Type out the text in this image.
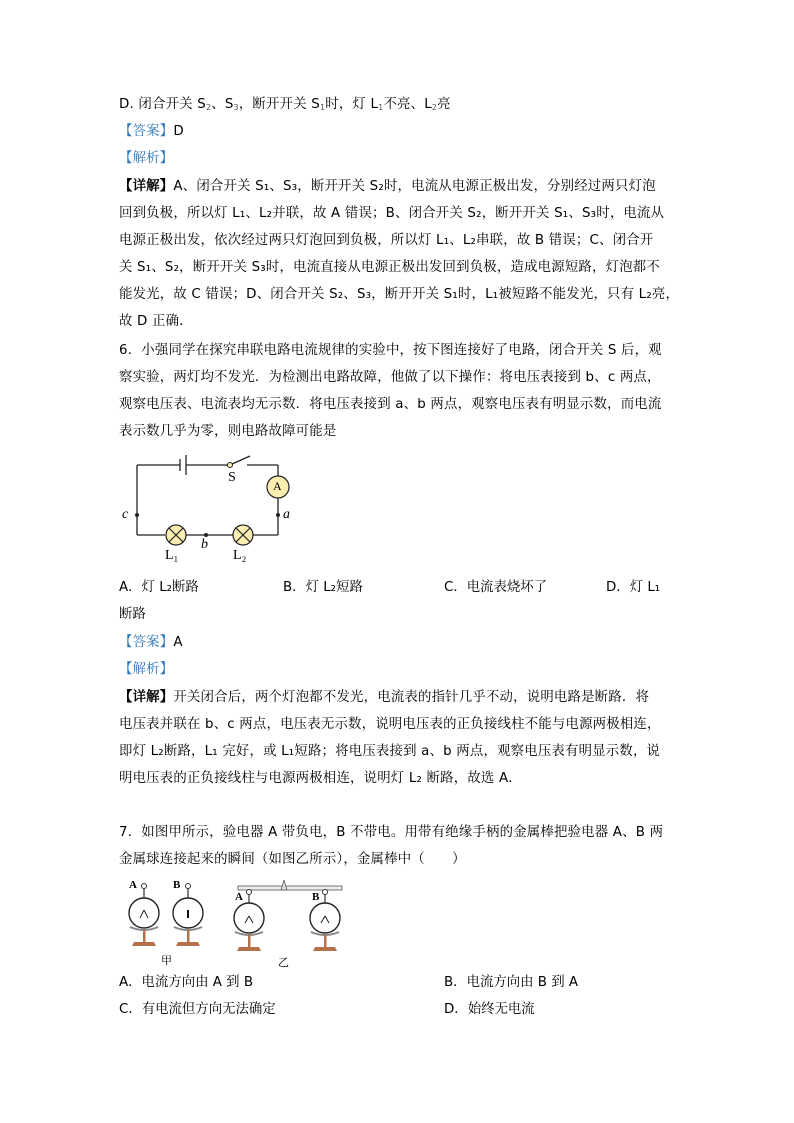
D. 闭合开关 $S_2$、$S_3$，断开开关 $S_1$时，灯 $L_1$不亮、$L_2$亮
【答案】D
【解析】
【详解】A、闭合开关 S₁、S₃，断开开关 S₂时，电流从电源正极出发，分别经过两只灯泡
回到负极，所以灯 L₁、L₂并联，故 A 错误；B、闭合开关 S₂，断开开关 S₁、S₃时，电流从
电源正极出发，依次经过两只灯泡回到负极，所以灯 L₁、L₂串联，故 B 错误；C、闭合开
关 S₁、S₂，断开开关 S₃时，电流直接从电源正极出发回到负极，造成电源短路，灯泡都不
能发光，故 C 错误；D、闭合开关 S₂、S₃，断开开关 S₁时，L₁被短路不能发光，只有 L₂亮，
故 D 正确．
6．小强同学在探究串联电路电流规律的实验中，按下图连接好了电路，闭合开关 S 后，观
察实验，两灯均不发光．为检测出电路故障，他做了以下操作：将电压表接到 b、c 两点，
观察电压表、电流表均无示数．将电压表接到 a、b 两点，观察电压表有明显示数，而电流
表示数几乎为零，则电路故障可能是
S
A
c	a
b
L₁	L₂
A．灯 L₂断路	B．灯 L₂短路	C．电流表烧坏了	D．灯 L₁
断路
【答案】A
【解析】
【详解】开关闭合后，两个灯泡都不发光，电流表的指针几乎不动，说明电路是断路．将
电压表并联在 b、c 两点，电压表无示数，说明电压表的正负接线柱不能与电源两极相连，
即灯 L₂断路，L₁ 完好，或 L₁短路；将电压表接到 a、b 两点，观察电压表有明显示数，说
明电压表的正负接线柱与电源两极相连，说明灯 L₂ 断路，故选 A．
7．如图甲所示，验电器 A 带负电，B 不带电。用带有绝缘手柄的金属棒把验电器 A、B 两
金属球连接起来的瞬间（如图乙所示），金属棒中（　　）
A	B
A	B
甲	乙
A．电流方向由 A 到 B	B．电流方向由 B 到 A
C．有电流但方向无法确定	D．始终无电流
